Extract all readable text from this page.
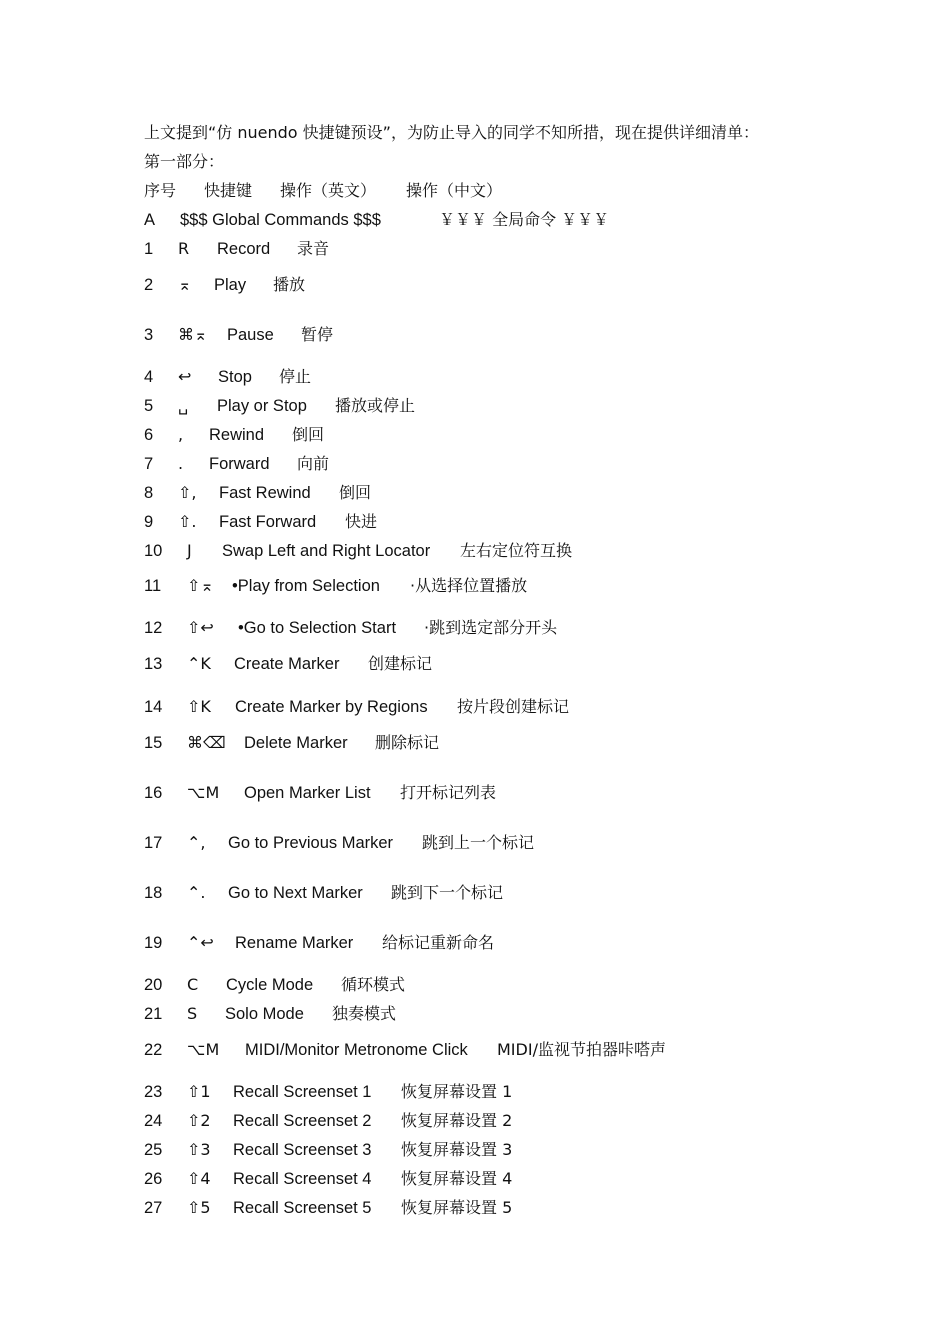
上文提到“仿 nuendo 快捷键预设”，为防止导入的同学不知所措，现在提供详细清单：
第一部分：
序号 快捷键 操作（英文） 操作（中文）
A $$$ Global Commands $$$	￥￥￥ 全局命令 ￥￥￥
1 R Record 录音
2 ⌅ Play 播放
3 ⌘⌅ Pause 暂停
4 ↩ Stop 停止
5 ␣ Play or Stop 播放或停止
6 , Rewind 倒回
7 . Forward 向前
8 ⇧, Fast Rewind 倒回
9 ⇧. Fast Forward 快进
10 J Swap Left and Right Locator 左右定位符互换
11 ⇧⌅ •Play from Selection ·从选择位置播放
12 ⇧↩ •Go to Selection Start ·跳到选定部分开头
13 ⌃K Create Marker 创建标记
14 ⇧K Create Marker by Regions 按片段创建标记
15 ⌘⌫ Delete Marker 删除标记
16 ⌥M Open Marker List 打开标记列表
17 ⌃, Go to Previous Marker 跳到上一个标记
18 ⌃. Go to Next Marker 跳到下一个标记
19 ⌃↩ Rename Marker 给标记重新命名
20 C Cycle Mode 循环模式
21 S Solo Mode 独奏模式
22 ⌥M MIDI/Monitor Metronome Click MIDI/监视节拍器咔嗒声
23 ⇧1 Recall Screenset 1 恢复屏幕设置 1
24 ⇧2 Recall Screenset 2 恢复屏幕设置 2
25 ⇧3 Recall Screenset 3 恢复屏幕设置 3
26 ⇧4 Recall Screenset 4 恢复屏幕设置 4
27 ⇧5 Recall Screenset 5 恢复屏幕设置 5
